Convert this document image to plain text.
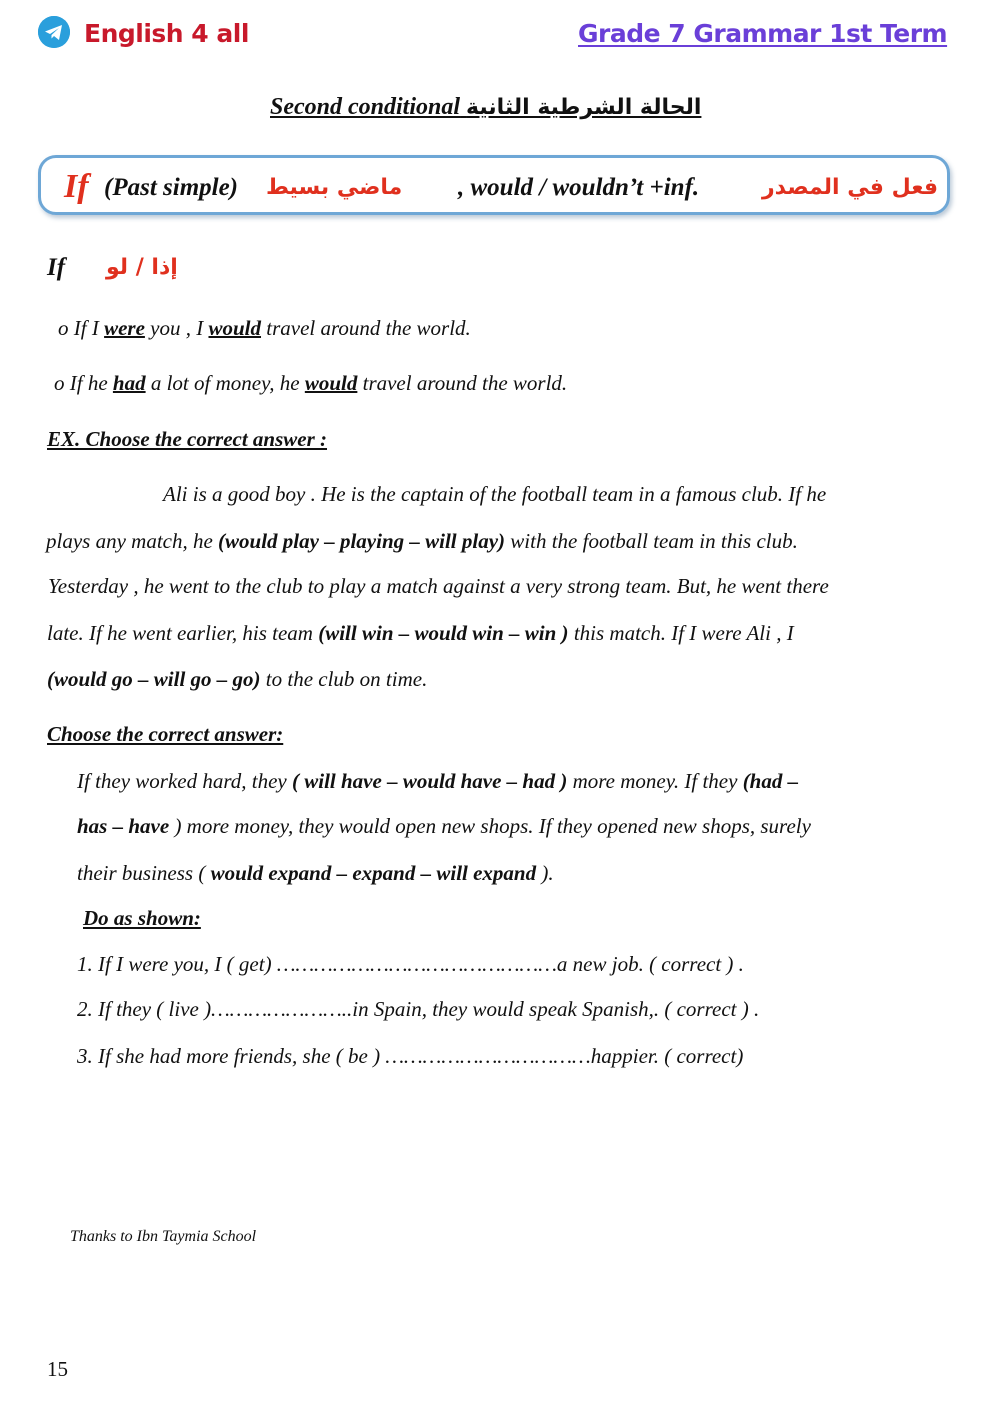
English 4 all	Grade 7 Grammar 1st Term
Second conditional الحالة الشرطية الثانية
If (Past simple) ماضي بسيط , would / wouldn’t +inf.	فعل في المصدر
If إذا / لو
o If I were you , I would travel around the world.
o If he had a lot of money, he would travel around the world.
EX. Choose the correct answer :
Ali is a good boy . He is the captain of the football team in a famous club. If he
plays any match, he (would play – playing – will play) with the football team in this club.
Yesterday , he went to the club to play a match against a very strong team. But, he went there
late. If he went earlier, his team (will win – would win – win ) this match. If I were Ali , I
(would go – will go – go) to the club on time.
Choose the correct answer:
If they worked hard, they ( will have – would have – had ) more money. If they (had –
has – have ) more money, they would open new shops. If they opened new shops, surely
their business ( would expand – expand – will expand ).
Do as shown:
1. If I were you, I ( get) ………………………………………a new job. ( correct ) .
2. If they ( live )…………………..in Spain, they would speak Spanish,. ( correct ) .
3. If she had more friends, she ( be ) ……………………………happier. ( correct)
Thanks to Ibn Taymia School
15
